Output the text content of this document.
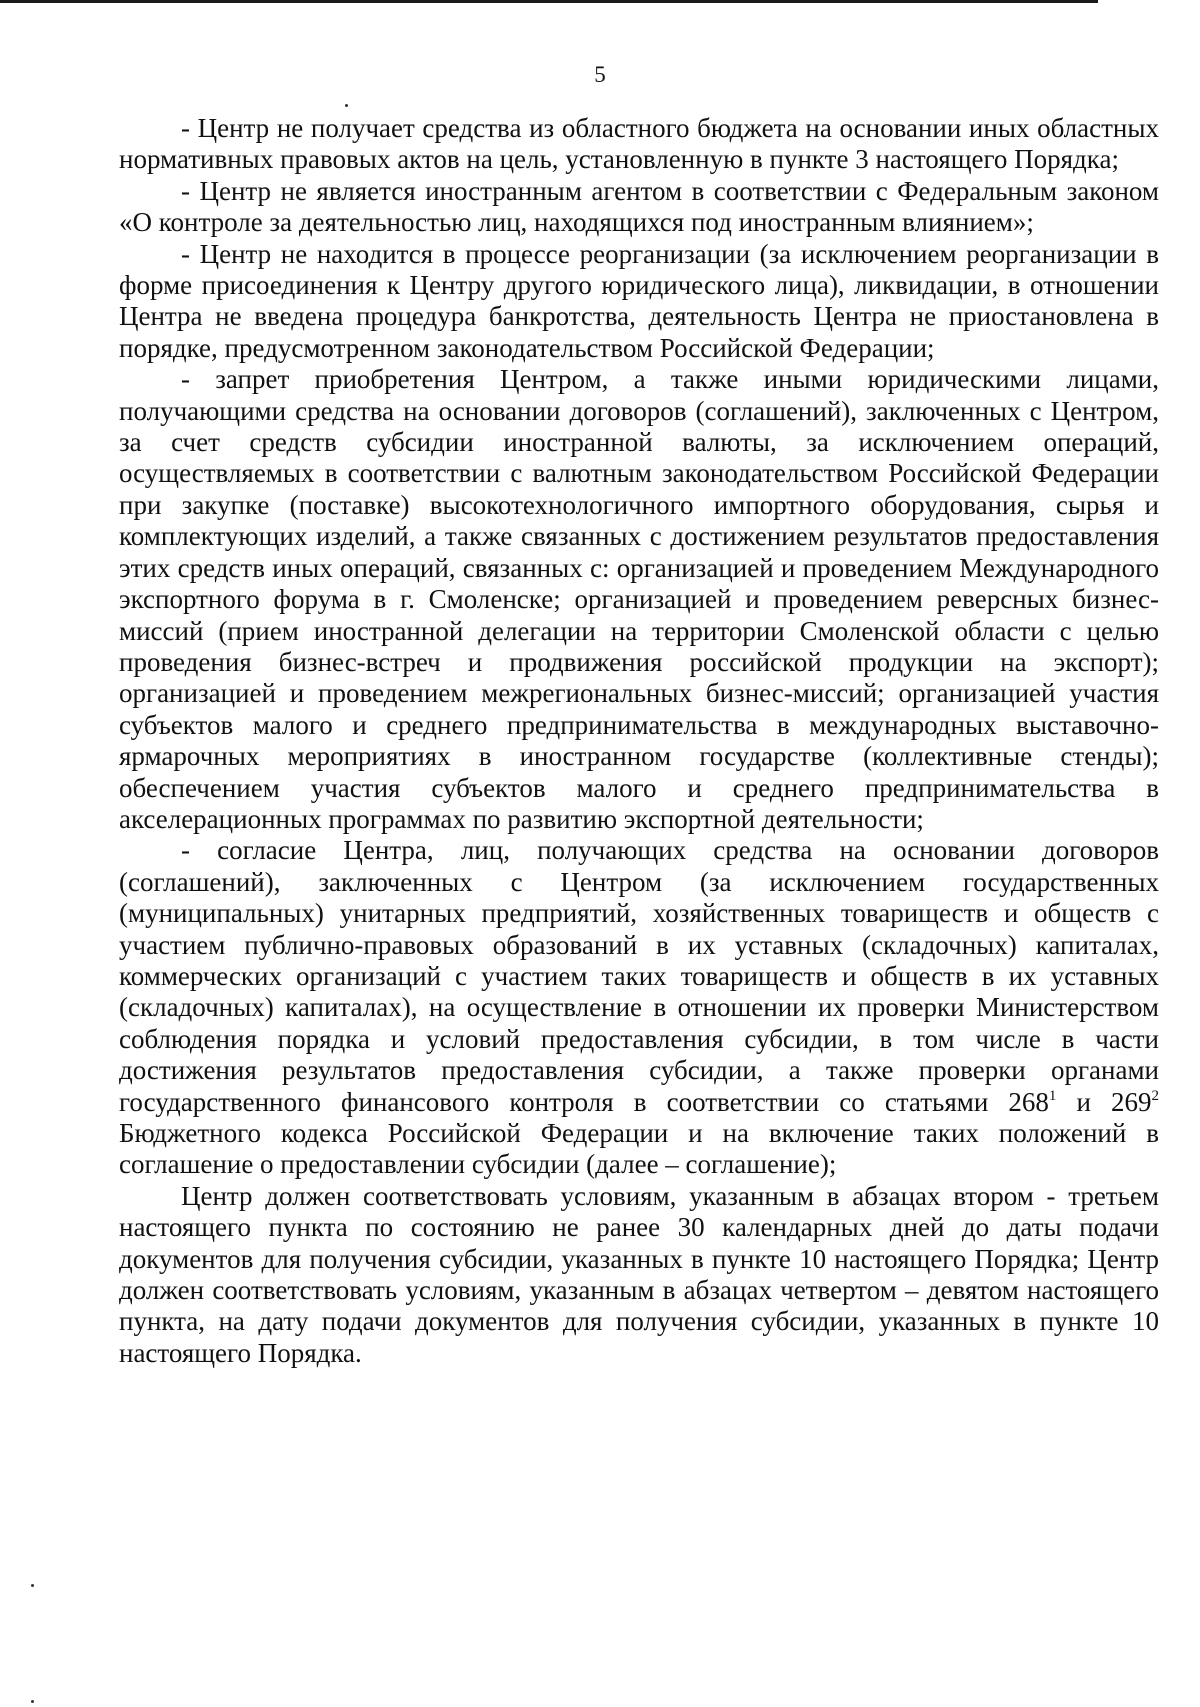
5

- Центр не получает средства из областного бюджета на основании иных областных нормативных правовых актов на цель, установленную в пункте 3 настоящего Порядка;

- Центр не является иностранным агентом в соответствии с Федеральным законом «О контроле за деятельностью лиц, находящихся под иностранным влиянием»;

- Центр не находится в процессе реорганизации (за исключением реорганизации в форме присоединения к Центру другого юридического лица), ликвидации, в отношении Центра не введена процедура банкротства, деятельность Центра не приостановлена в порядке, предусмотренном законодательством Российской Федерации;

- запрет приобретения Центром, а также иными юридическими лицами, получающими средства на основании договоров (соглашений), заключенных с Центром, за счет средств субсидии иностранной валюты, за исключением операций, осуществляемых в соответствии с валютным законодательством Российской Федерации при закупке (поставке) высокотехнологичного импортного оборудования, сырья и комплектующих изделий, а также связанных с достижением результатов предоставления этих средств иных операций, связанных с: организацией и проведением Международного экспортного форума в г. Смоленске; организацией и проведением реверсных бизнес-миссий (прием иностранной делегации на территории Смоленской области с целью проведения бизнес-встреч и продвижения российской продукции на экспорт); организацией и проведением межрегиональных бизнес-миссий; организацией участия субъектов малого и среднего предпринимательства в международных выставочно-ярмарочных мероприятиях в иностранном государстве (коллективные стенды); обеспечением участия субъектов малого и среднего предпринимательства в акселерационных программах по развитию экспортной деятельности;

- согласие Центра, лиц, получающих средства на основании договоров (соглашений), заключенных с Центром (за исключением государственных (муниципальных) унитарных предприятий, хозяйственных товариществ и обществ с участием публично-правовых образований в их уставных (складочных) капиталах, коммерческих организаций с участием таких товариществ и обществ в их уставных (складочных) капиталах), на осуществление в отношении их проверки Министерством соблюдения порядка и условий предоставления субсидии, в том числе в части достижения результатов предоставления субсидии, а также проверки органами государственного финансового контроля в соответствии со статьями $268^1$ и $269^2$ Бюджетного кодекса Российской Федерации и на включение таких положений в соглашение о предоставлении субсидии (далее – соглашение);

Центр должен соответствовать условиям, указанным в абзацах втором - третьем настоящего пункта по состоянию не ранее 30 календарных дней до даты подачи документов для получения субсидии, указанных в пункте 10 настоящего Порядка; Центр должен соответствовать условиям, указанным в абзацах четвертом – девятом настоящего пункта, на дату подачи документов для получения субсидии, указанных в пункте 10 настоящего Порядка.
